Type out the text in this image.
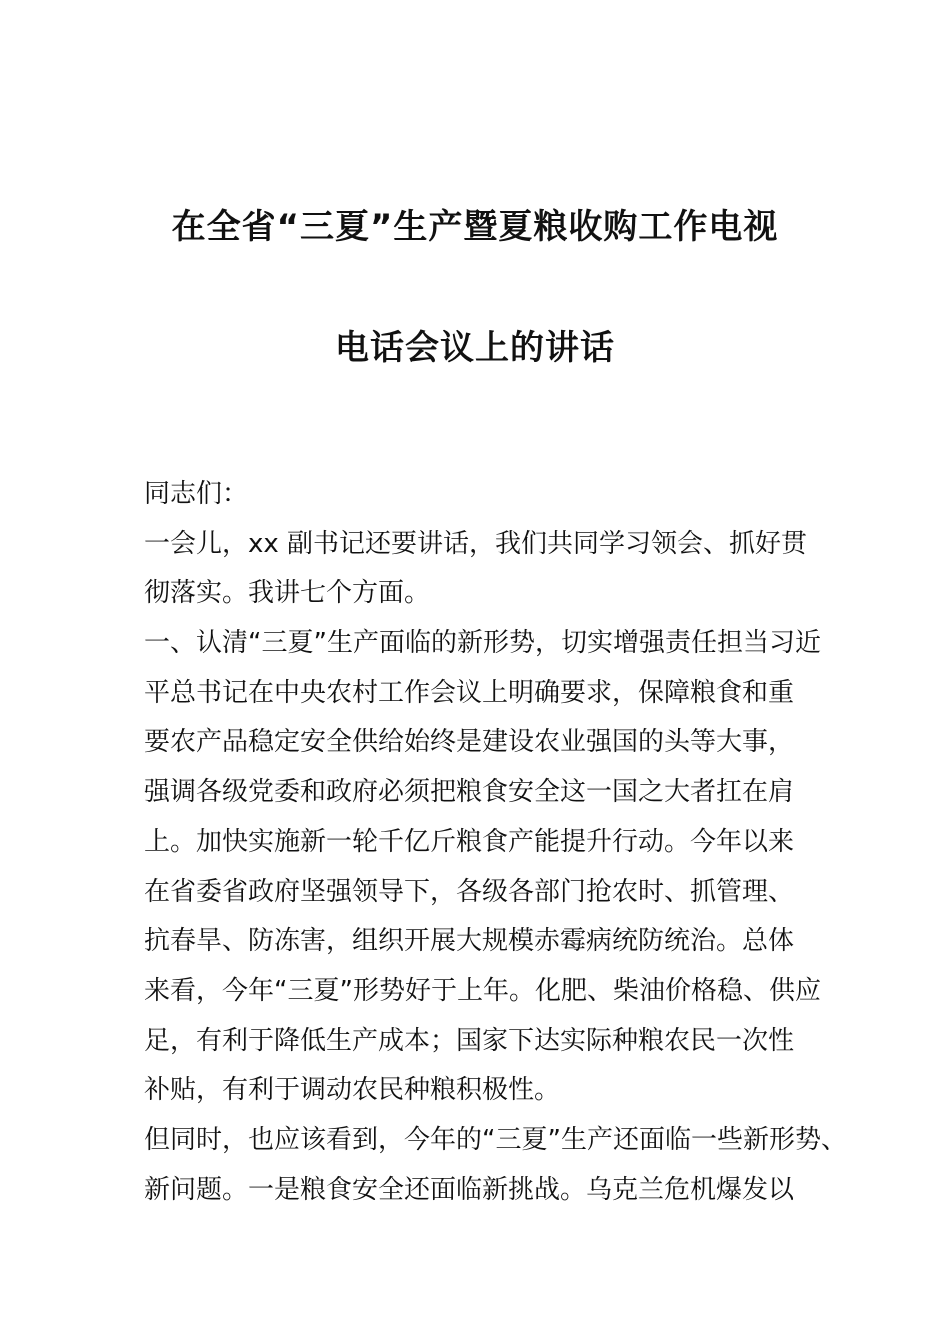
在全省“三夏”生产暨夏粮收购工作电视
电话会议上的讲话
同志们：
一会儿，xx 副书记还要讲话，我们共同学习领会、抓好贯
彻落实。我讲七个方面。
一、认清“三夏”生产面临的新形势，切实增强责任担当习近
平总书记在中央农村工作会议上明确要求，保障粮食和重
要农产品稳定安全供给始终是建设农业强国的头等大事，
强调各级党委和政府必须把粮食安全这一国之大者扛在肩
上。加快实施新一轮千亿斤粮食产能提升行动。今年以来
在省委省政府坚强领导下，各级各部门抢农时、抓管理、
抗春旱、防冻害，组织开展大规模赤霉病统防统治。总体
来看，今年“三夏”形势好于上年。化肥、柴油价格稳、供应
足，有利于降低生产成本；国家下达实际种粮农民一次性
补贴，有利于调动农民种粮积极性。
但同时，也应该看到，今年的“三夏”生产还面临一些新形势、
新问题。一是粮食安全还面临新挑战。乌克兰危机爆发以
